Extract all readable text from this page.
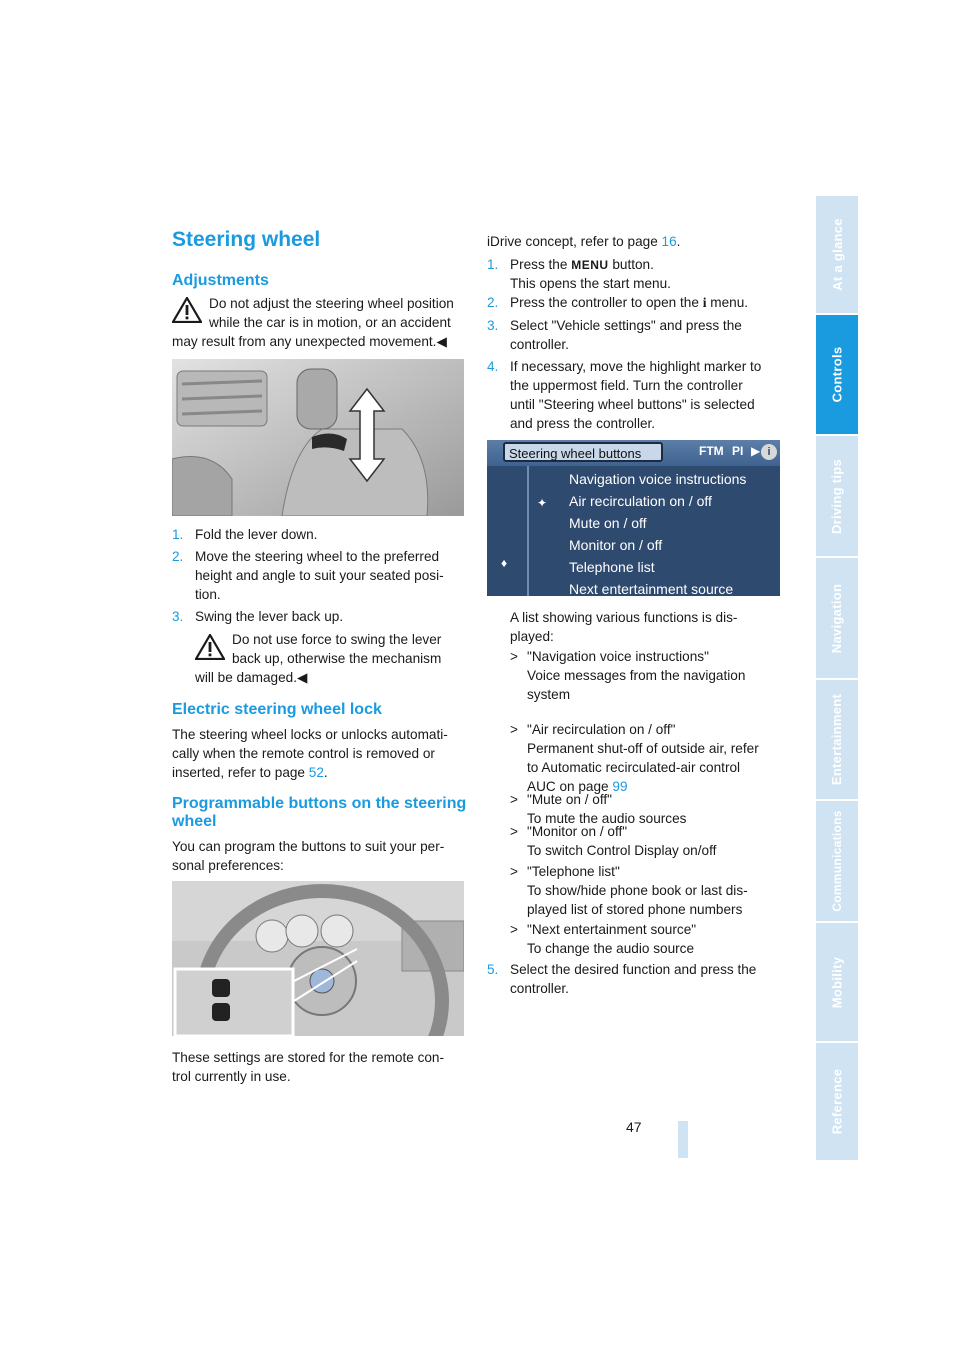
Steering wheel
Adjustments

Do not adjust the steering wheel position

while the car is in motion, or an accident

may result from any unexpected movement.◀

1. Fold the lever down.
2. Move the steering wheel to the preferred
height and angle to suit your seated posi-
tion.
3. Swing the lever back up.

Do not use force to swing the lever

back up, otherwise the mechanism

will be damaged.◀

Electric steering wheel lock

The steering wheel locks or unlocks automati-

cally when the remote control is removed or

inserted, refer to page 52.

Programmable buttons on the steering
wheel

You can program the buttons to suit your per-

sonal preferences:

These settings are stored for the remote con-

trol currently in use.

iDrive concept, refer to page 16.

1. Press the MENU button.
This opens the start menu.
2. Press the controller to open the i menu.
3. Select "Vehicle settings" and press the
controller.
4. If necessary, move the highlight marker to
the uppermost field. Turn the controller
until "Steering wheel buttons" is selected
and press the controller.
Steering wheel buttons	FTM PI ▶ i
♦
✦
Navigation voice instructions
Air recirculation on / off
Mute on / off
Monitor on / off
Telephone list
Next entertainment source

A list showing various functions is dis-

played:

> "Navigation voice instructions"
Voice messages from the navigation
system
> "Air recirculation on / off"
Permanent shut-off of outside air, refer
to Automatic recirculated-air control
AUC on page 99
> "Mute on / off"
To mute the audio sources
> "Monitor on / off"
To switch Control Display on/off
> "Telephone list"
To show/hide phone book or last dis-
played list of stored phone numbers
> "Next entertainment source"
To change the audio source
5. Select the desired function and press the
controller.
47
At a glance
Controls
Driving tips
Navigation
Entertainment
Communications
Mobility
Reference
